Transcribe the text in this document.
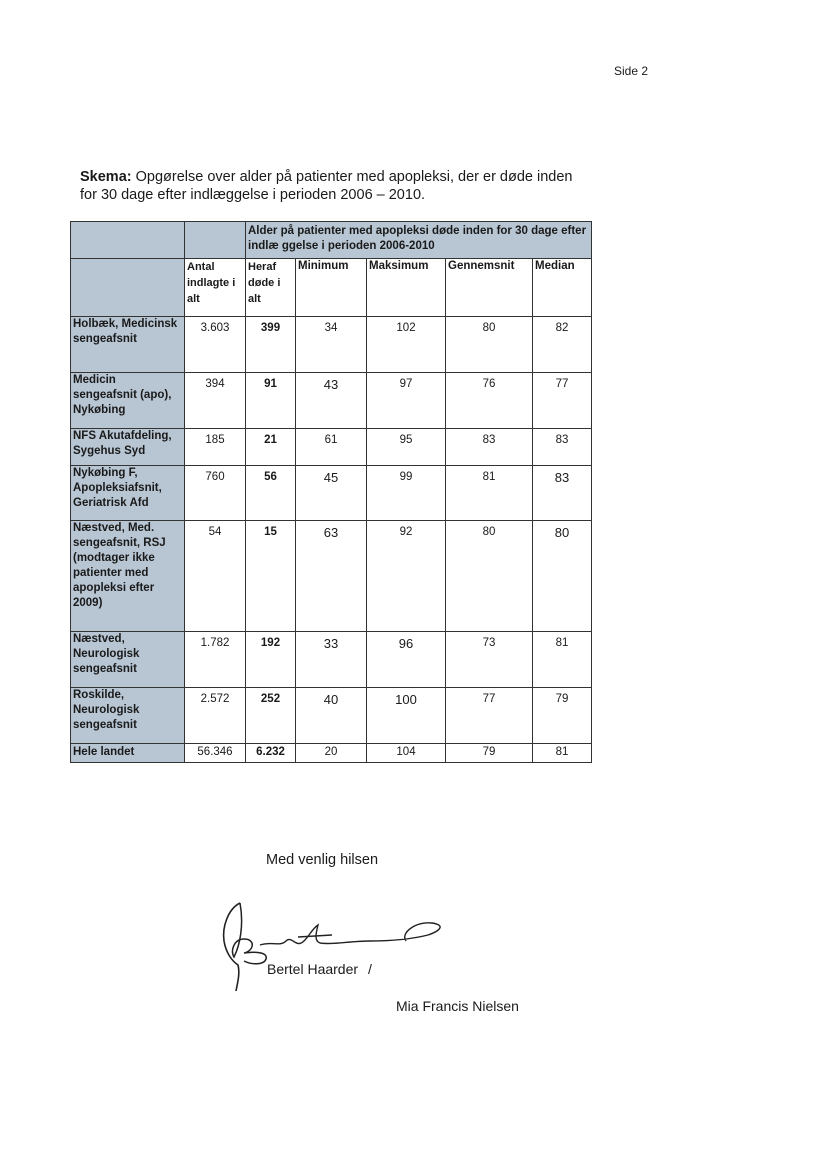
Side 2
Skema: Opgørelse over alder på patienter med apopleksi, der er døde inden
for 30 dage efter indlæggelse i perioden 2006 – 2010.
		Alder på patienter med apopleksi døde inden for 30 dage efter indlæ ggelse i perioden 2006-2010				
	Antal indlagte i alt	Heraf døde i alt	Minimum	Maksimum	Gennemsnit	Median
Holbæk, Medicinsk sengeafsnit	3.603	399	34	102	80	82
Medicin sengeafsnit (apo), Nykøbing	394	91	43	97	76	77
NFS Akutafdeling, Sygehus Syd	185	21	61	95	83	83
Nykøbing F, Apopleksiafsnit, Geriatrisk Afd	760	56	45	99	81	83
Næstved, Med. sengeafsnit, RSJ (modtager ikke patienter med apopleksi efter 2009)	54	15	63	92	80	80
Næstved, Neurologisk sengeafsnit	1.782	192	33	96	73	81
Roskilde, Neurologisk sengeafsnit	2.572	252	40	100	77	79
Hele landet	56.346	6.232	20	104	79	81
Med venlig hilsen
Bertel Haarder /
Mia Francis Nielsen
